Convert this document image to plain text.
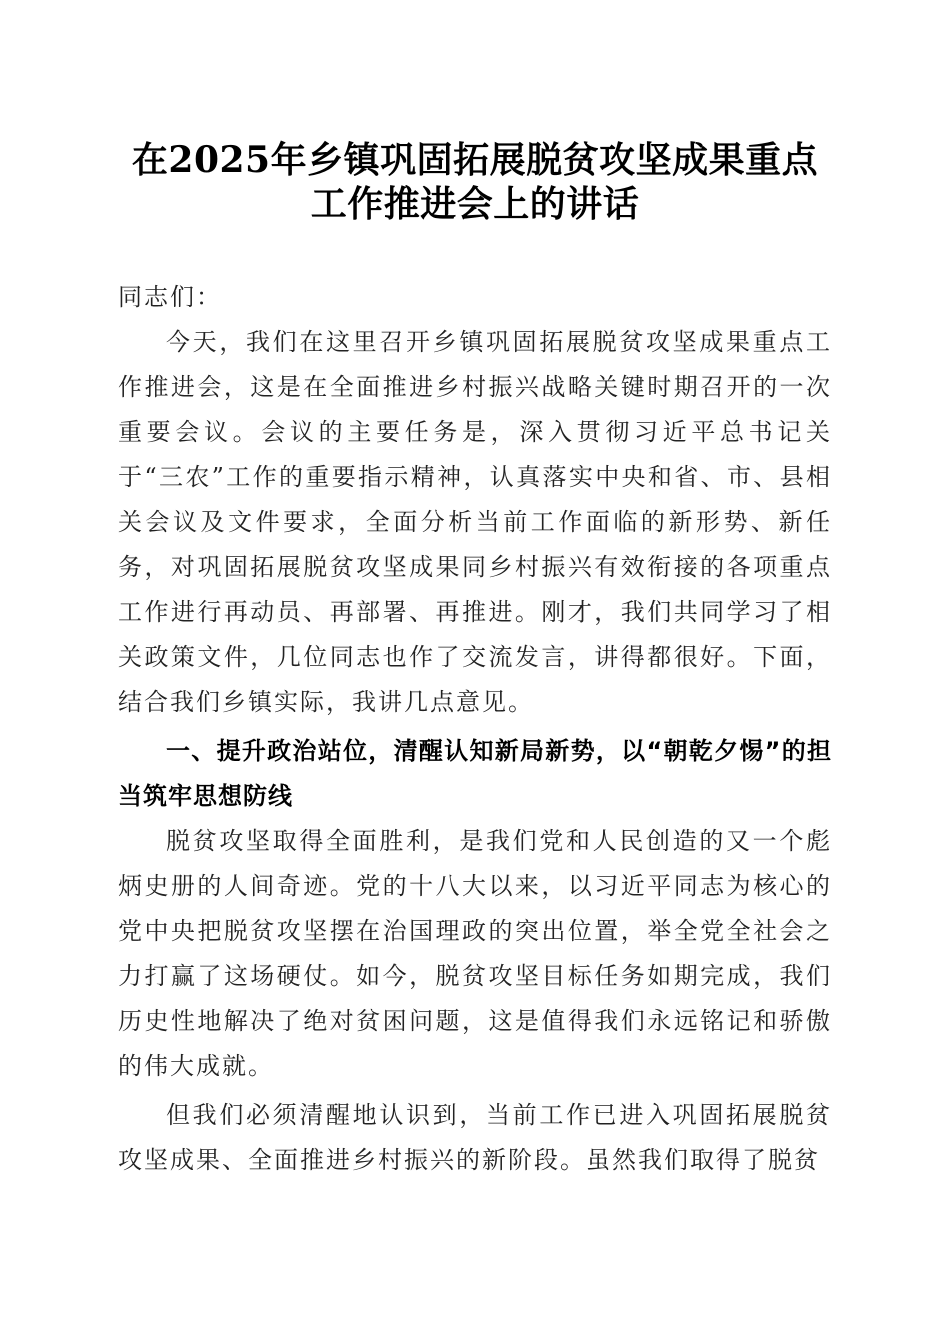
在2025年乡镇巩固拓展脱贫攻坚成果重点工作推进会上的讲话

同志们：

今天，我们在这里召开乡镇巩固拓展脱贫攻坚成果重点工作推进会，这是在全面推进乡村振兴战略关键时期召开的一次重要会议。会议的主要任务是，深入贯彻习近平总书记关于“三农”工作的重要指示精神，认真落实中央和省、市、县相关会议及文件要求，全面分析当前工作面临的新形势、新任务，对巩固拓展脱贫攻坚成果同乡村振兴有效衔接的各项重点工作进行再动员、再部署、再推进。刚才，我们共同学习了相关政策文件，几位同志也作了交流发言，讲得都很好。下面，结合我们乡镇实际，我讲几点意见。

一、提升政治站位，清醒认知新局新势，以“朝乾夕惕”的担当筑牢思想防线

脱贫攻坚取得全面胜利，是我们党和人民创造的又一个彪炳史册的人间奇迹。党的十八大以来，以习近平同志为核心的党中央把脱贫攻坚摆在治国理政的突出位置，举全党全社会之力打赢了这场硬仗。如今，脱贫攻坚目标任务如期完成，我们历史性地解决了绝对贫困问题，这是值得我们永远铭记和骄傲的伟大成就。

但我们必须清醒地认识到，当前工作已进入巩固拓展脱贫攻坚成果、全面推进乡村振兴的新阶段。虽然我们取得了脱贫
